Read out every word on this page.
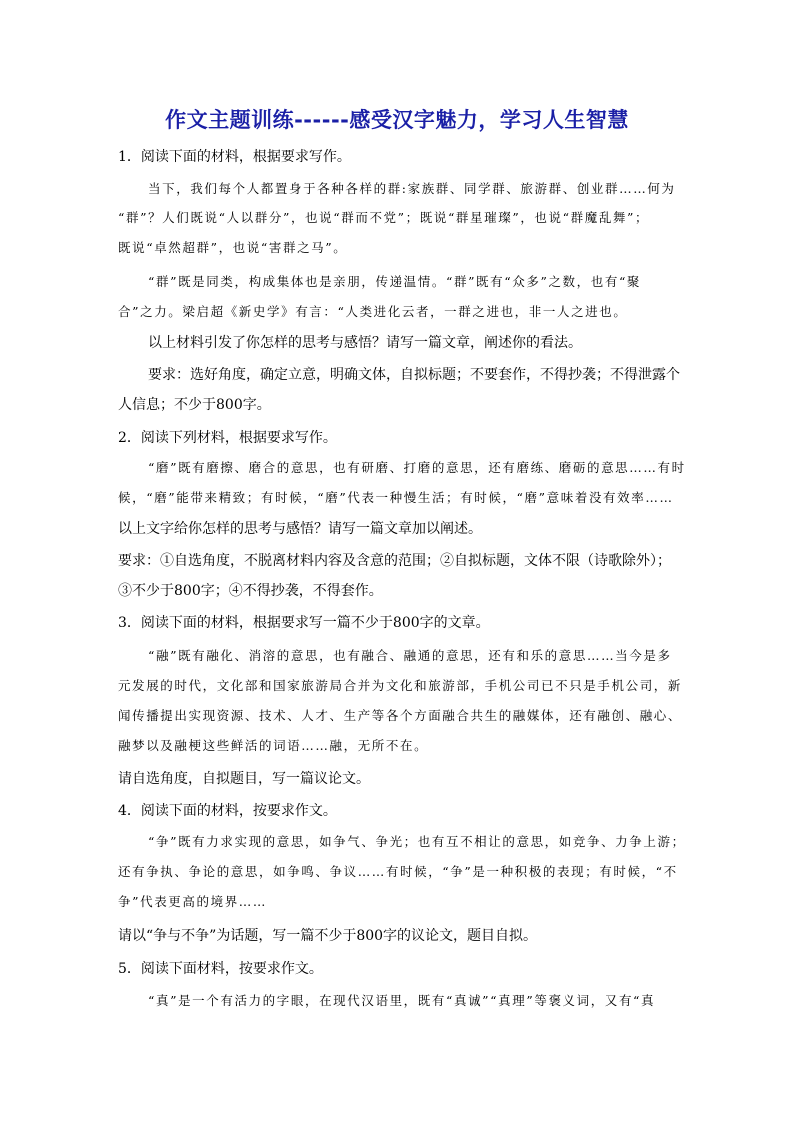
作文主题训练------感受汉字魅力，学习人生智慧
1．阅读下面的材料，根据要求写作。
当下，我们每个人都置身于各种各样的群:家族群、同学群、旅游群、创业群……何为
“群”？人们既说“人以群分”，也说“群而不党”；既说“群星璀璨”，也说“群魔乱舞”；
既说“卓然超群”，也说“害群之马”。
“群”既是同类，构成集体也是亲朋，传递温情。“群”既有“众多”之数，也有“聚
合”之力。梁启超《新史学》有言：“人类进化云者，一群之进也，非一人之进也。
以上材料引发了你怎样的思考与感悟？请写一篇文章，阐述你的看法。
要求：选好角度，确定立意，明确文体，自拟标题；不要套作，不得抄袭；不得泄露个
人信息；不少于800字。
2．阅读下列材料，根据要求写作。
“磨”既有磨擦、磨合的意思，也有研磨、打磨的意思，还有磨练、磨砺的意思……有时
候，“磨”能带来精致；有时候，“磨”代表一种慢生活；有时候，“磨”意味着没有效率……
以上文字给你怎样的思考与感悟？请写一篇文章加以阐述。
要求：①自选角度，不脱离材料内容及含意的范围；②自拟标题，文体不限（诗歌除外）；
③不少于800字；④不得抄袭，不得套作。
3．阅读下面的材料，根据要求写一篇不少于800字的文章。
“融”既有融化、消溶的意思，也有融合、融通的意思，还有和乐的意思……当今是多
元发展的时代，文化部和国家旅游局合并为文化和旅游部，手机公司已不只是手机公司，新
闻传播提出实现资源、技术、人才、生产等各个方面融合共生的融媒体，还有融创、融心、
融梦以及融梗这些鲜活的词语……融，无所不在。
请自选角度，自拟题目，写一篇议论文。
4．阅读下面的材料，按要求作文。
“争”既有力求实现的意思，如争气、争光；也有互不相让的意思，如竞争、力争上游；
还有争执、争论的意思，如争鸣、争议……有时候，“争”是一种积极的表现；有时候，“不
争”代表更高的境界……
请以“争与不争”为话题，写一篇不少于800字的议论文，题目自拟。
5．阅读下面材料，按要求作文。
“真”是一个有活力的字眼，在现代汉语里，既有“真诚”“真理”等褒义词，又有“真
